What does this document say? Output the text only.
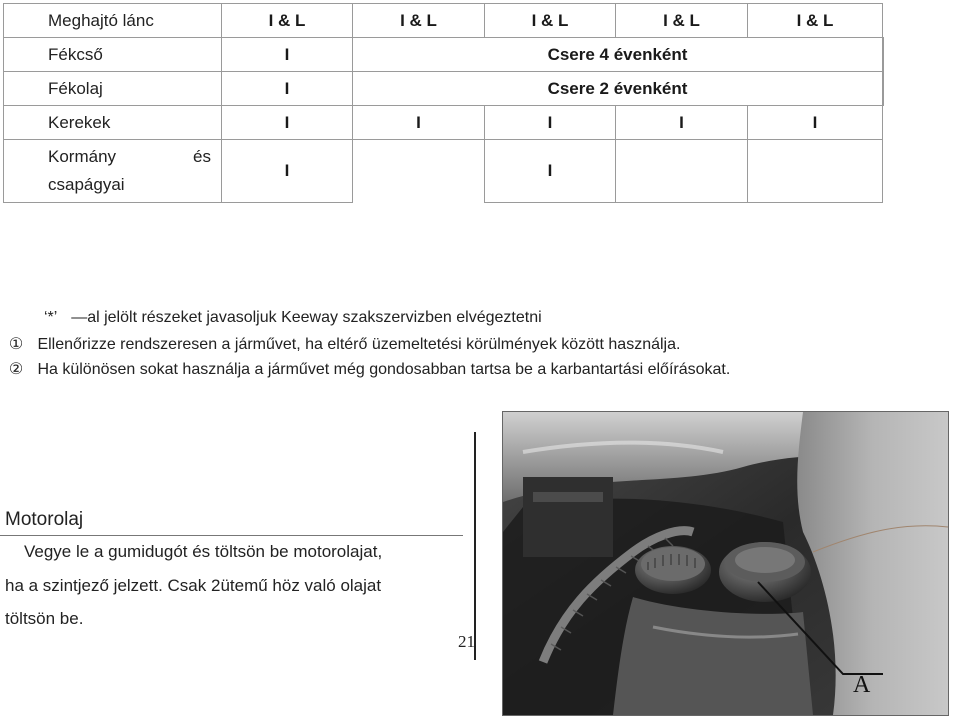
Meghajtó lánc	I & L	I & L	I & L	I & L	I & L	
Fékcső	I	Csere 4 évenként				
Fékolaj	I	Csere 2 évenként				
Kerekek	I	I	I	I	I	

Kormány és
csapágyai	I		I			
‘*’ —al jelölt részeket javasoljuk Keeway szakszervizben elvégeztetni
① Ellenőrizze rendszeresen a járművet, ha eltérő üzemeltetési körülmények között használja.
② Ha különösen sokat használja a járművet még gondosabban tartsa be a karbantartási előírásokat.
Motorolaj
Vegye le a gumidugót és töltsön be motorolajat,
ha a szintjező jelzett. Csak 2ütemű höz való olajat
töltsön be.
21
A
